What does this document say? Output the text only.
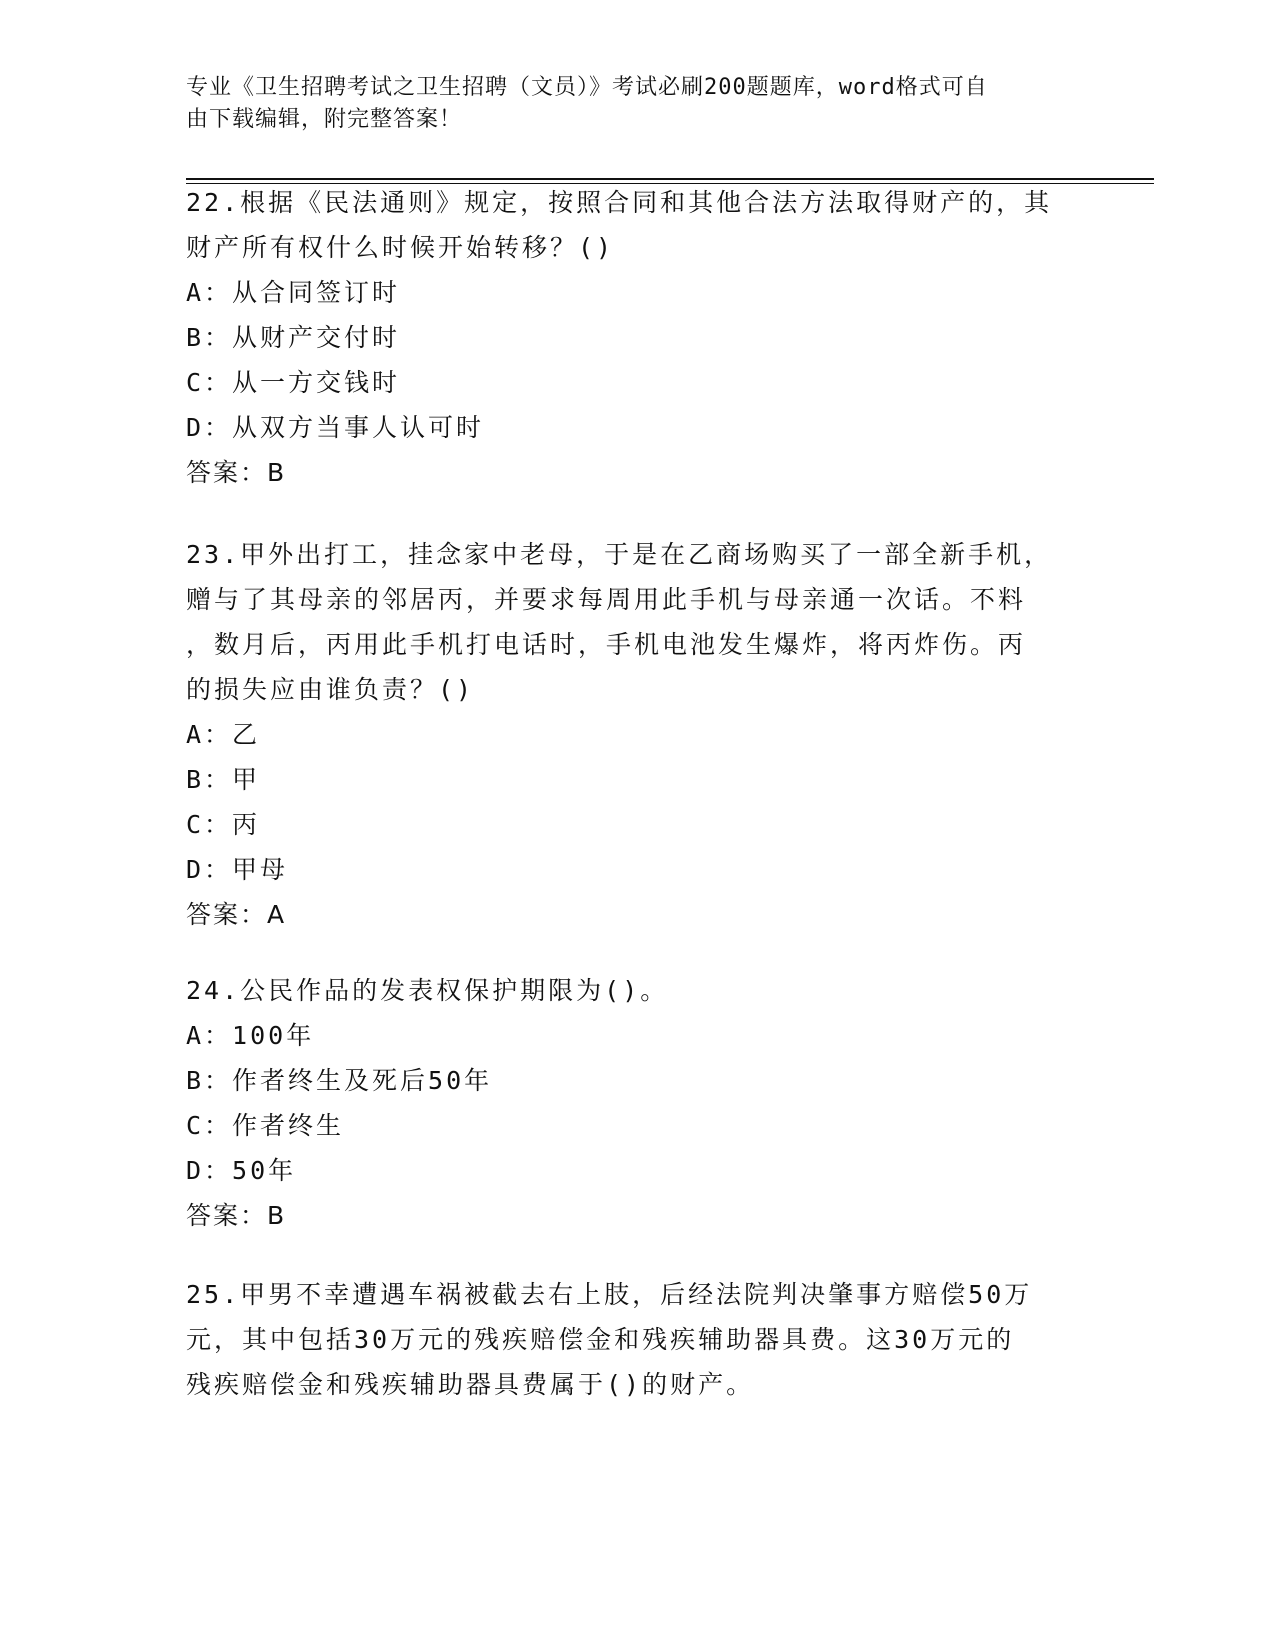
专业《卫生招聘考试之卫生招聘（文员）》考试必刷200题题库，word格式可自
由下载编辑，附完整答案！
22.根据《民法通则》规定，按照合同和其他合法方法取得财产的，其
财产所有权什么时候开始转移？()
A：从合同签订时
B：从财产交付时
C：从一方交钱时
D：从双方当事人认可时
答案：B
23.甲外出打工，挂念家中老母，于是在乙商场购买了一部全新手机，
赠与了其母亲的邻居丙，并要求每周用此手机与母亲通一次话。不料
，数月后，丙用此手机打电话时，手机电池发生爆炸，将丙炸伤。丙
的损失应由谁负责？()
A：乙
B：甲
C：丙
D：甲母
答案：A
24.公民作品的发表权保护期限为()。
A：100年
B：作者终生及死后50年
C：作者终生
D：50年
答案：B
25.甲男不幸遭遇车祸被截去右上肢，后经法院判决肇事方赔偿50万
元，其中包括30万元的残疾赔偿金和残疾辅助器具费。这30万元的
残疾赔偿金和残疾辅助器具费属于()的财产。
